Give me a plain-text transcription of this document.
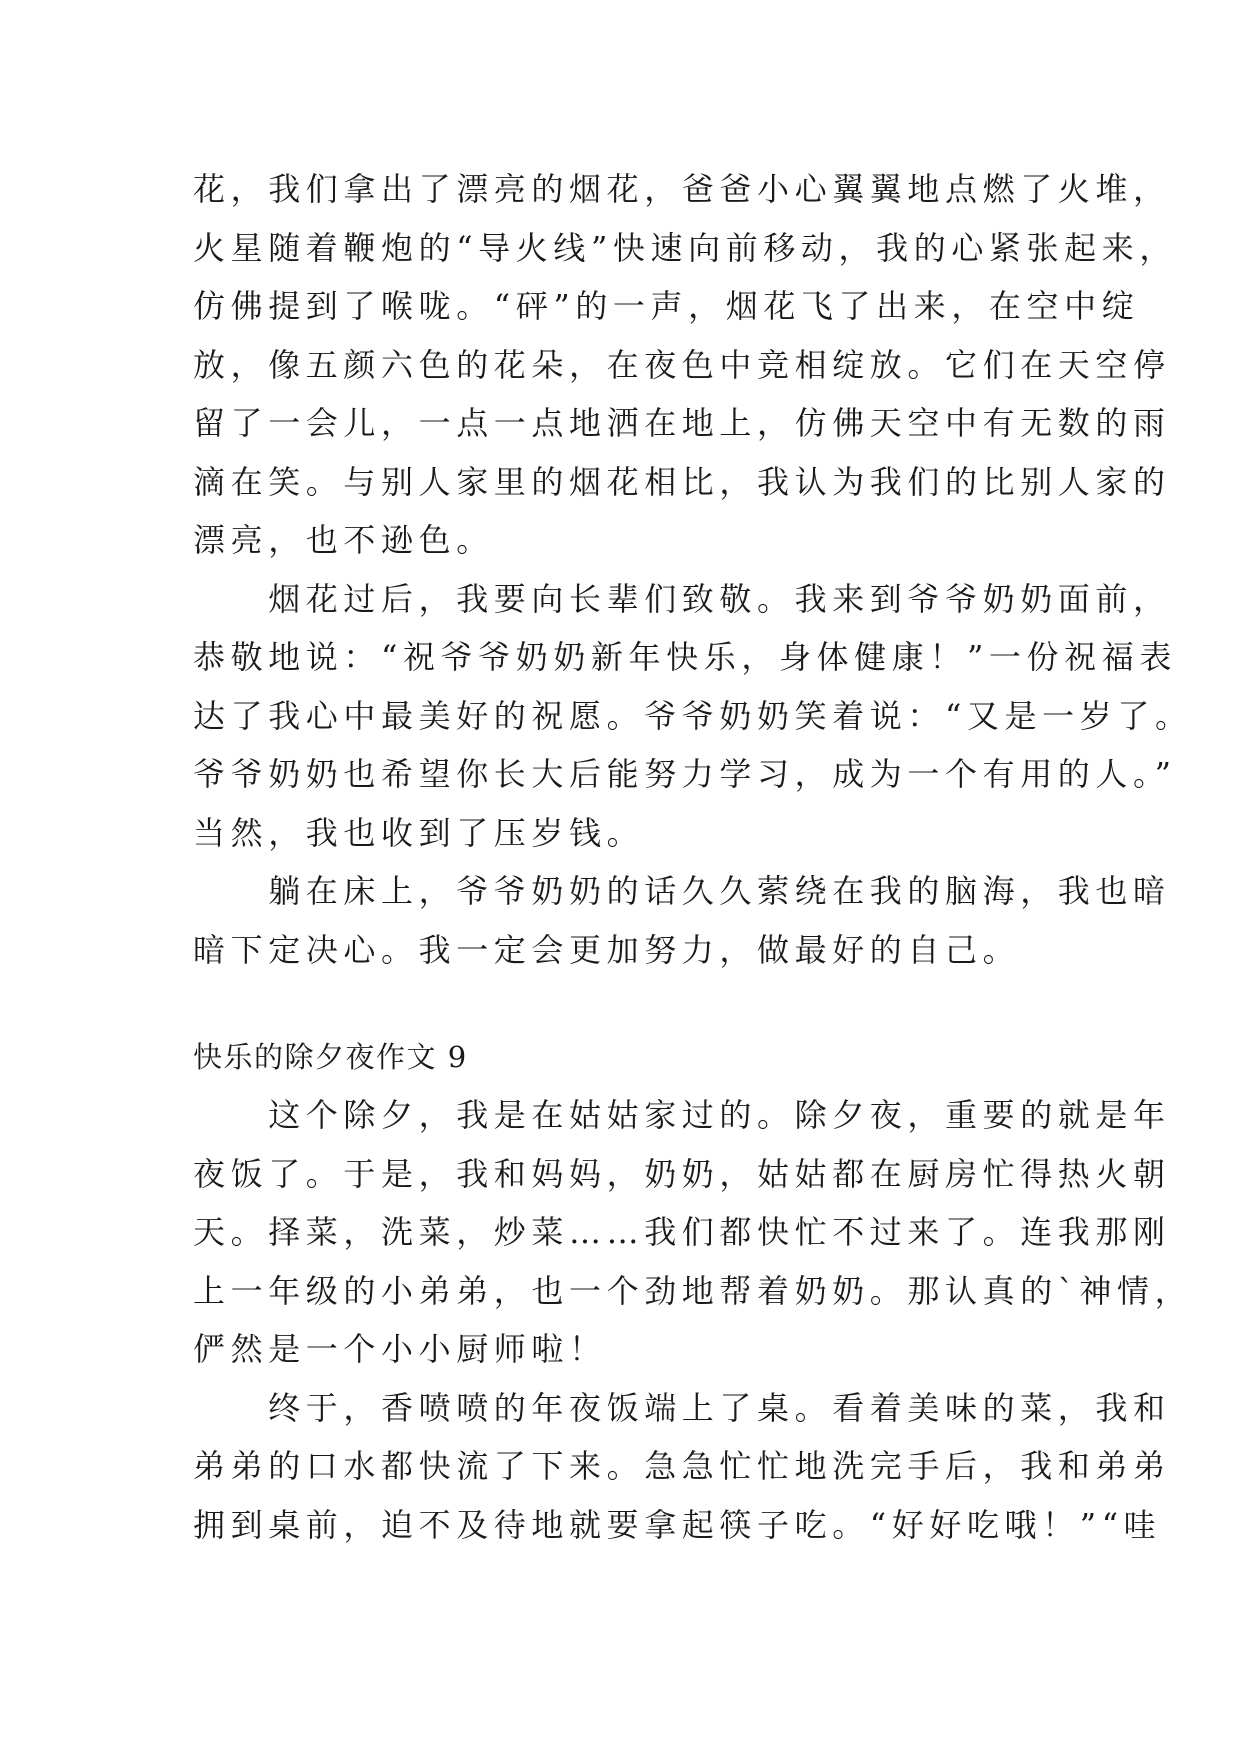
花，我们拿出了漂亮的烟花，爸爸小心翼翼地点燃了火堆，
火星随着鞭炮的“导火线”快速向前移动，我的心紧张起来，
仿佛提到了喉咙。“砰”的一声，烟花飞了出来，在空中绽
放，像五颜六色的花朵，在夜色中竞相绽放。它们在天空停
留了一会儿，一点一点地洒在地上，仿佛天空中有无数的雨
滴在笑。与别人家里的烟花相比，我认为我们的比别人家的
漂亮，也不逊色。
　　烟花过后，我要向长辈们致敬。我来到爷爷奶奶面前，
恭敬地说：“祝爷爷奶奶新年快乐，身体健康！”一份祝福表
达了我心中最美好的祝愿。爷爷奶奶笑着说：“又是一岁了。
爷爷奶奶也希望你长大后能努力学习，成为一个有用的人。”
当然，我也收到了压岁钱。
　　躺在床上，爷爷奶奶的话久久萦绕在我的脑海，我也暗
暗下定决心。我一定会更加努力，做最好的自己。
快乐的除夕夜作文 9
　　这个除夕，我是在姑姑家过的。除夕夜，重要的就是年
夜饭了。于是，我和妈妈，奶奶，姑姑都在厨房忙得热火朝
天。择菜，洗菜，炒菜……我们都快忙不过来了。连我那刚
上一年级的小弟弟，也一个劲地帮着奶奶。那认真的`神情，
俨然是一个小小厨师啦！
　　终于，香喷喷的年夜饭端上了桌。看着美味的菜，我和
弟弟的口水都快流了下来。急急忙忙地洗完手后，我和弟弟
拥到桌前，迫不及待地就要拿起筷子吃。“好好吃哦！”“哇
